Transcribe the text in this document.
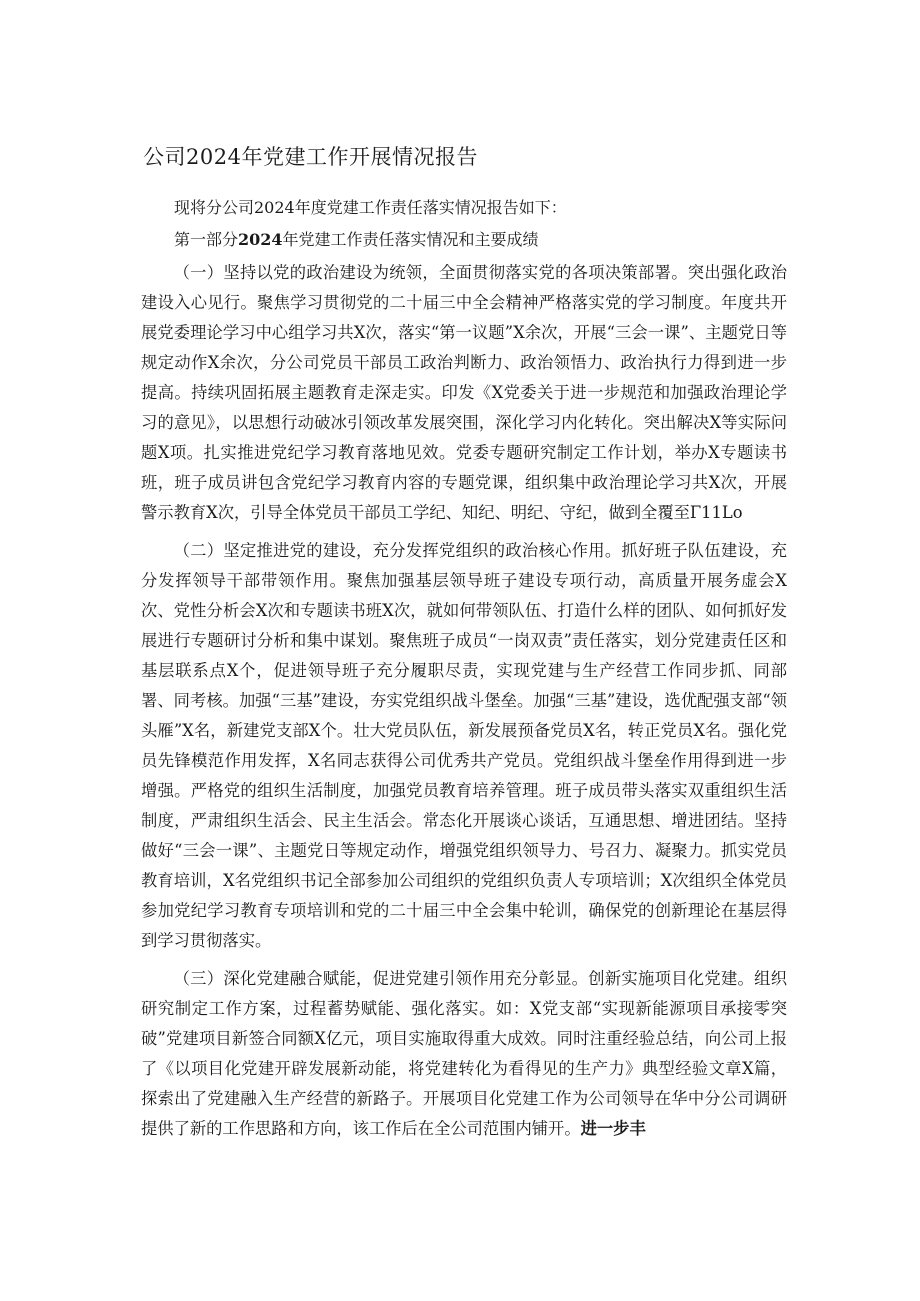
公司2024年党建工作开展情况报告
现将分公司2024年度党建工作责任落实情况报告如下：
第一部分2024年党建工作责任落实情况和主要成绩

（一）坚持以党的政治建设为统领，全面贯彻落实党的各项决策部署。突出强化政治建设入心见行。聚焦学习贯彻党的二十届三中全会精神严格落实党的学习制度。年度共开展党委理论学习中心组学习共X次，落实“第一议题”X余次，开展“三会一课”、主题党日等规定动作X余次，分公司党员干部员工政治判断力、政治领悟力、政治执行力得到进一步提高。持续巩固拓展主题教育走深走实。印发《X党委关于进一步规范和加强政治理论学习的意见》，以思想行动破冰引领改革发展突围，深化学习内化转化。突出解决X等实际问题X项。扎实推进党纪学习教育落地见效。党委专题研究制定工作计划，举办X专题读书班，班子成员讲包含党纪学习教育内容的专题党课，组织集中政治理论学习共X次，开展警示教育X次，引导全体党员干部员工学纪、知纪、明纪、守纪，做到全覆至Γ11Lo

（二）坚定推进党的建设，充分发挥党组织的政治核心作用。抓好班子队伍建设，充分发挥领导干部带领作用。聚焦加强基层领导班子建设专项行动，高质量开展务虚会X次、党性分析会X次和专题读书班X次，就如何带领队伍、打造什么样的团队、如何抓好发展进行专题研讨分析和集中谋划。聚焦班子成员“一岗双责”责任落实，划分党建责任区和基层联系点X个，促进领导班子充分履职尽责，实现党建与生产经营工作同步抓、同部署、同考核。加强“三基”建设，夯实党组织战斗堡垒。加强“三基”建设，选优配强支部“领头雁”X名，新建党支部X个。壮大党员队伍，新发展预备党员X名，转正党员X名。强化党员先锋模范作用发挥，X名同志获得公司优秀共产党员。党组织战斗堡垒作用得到进一步增强。严格党的组织生活制度，加强党员教育培养管理。班子成员带头落实双重组织生活制度，严肃组织生活会、民主生活会。常态化开展谈心谈话，互通思想、增进团结。坚持做好“三会一课”、主题党日等规定动作，增强党组织领导力、号召力、凝聚力。抓实党员教育培训，X名党组织书记全部参加公司组织的党组织负责人专项培训；X次组织全体党员参加党纪学习教育专项培训和党的二十届三中全会集中轮训，确保党的创新理论在基层得到学习贯彻落实。

（三）深化党建融合赋能，促进党建引领作用充分彰显。创新实施项目化党建。组织研究制定工作方案，过程蓄势赋能、强化落实。如：X党支部“实现新能源项目承接零突破”党建项目新签合同额X亿元，项目实施取得重大成效。同时注重经验总结，向公司上报了《以项目化党建开辟发展新动能，将党建转化为看得见的生产力》典型经验文章X篇，探索出了党建融入生产经营的新路子。开展项目化党建工作为公司领导在华中分公司调研提供了新的工作思路和方向，该工作后在全公司范围内铺开。进一步丰
